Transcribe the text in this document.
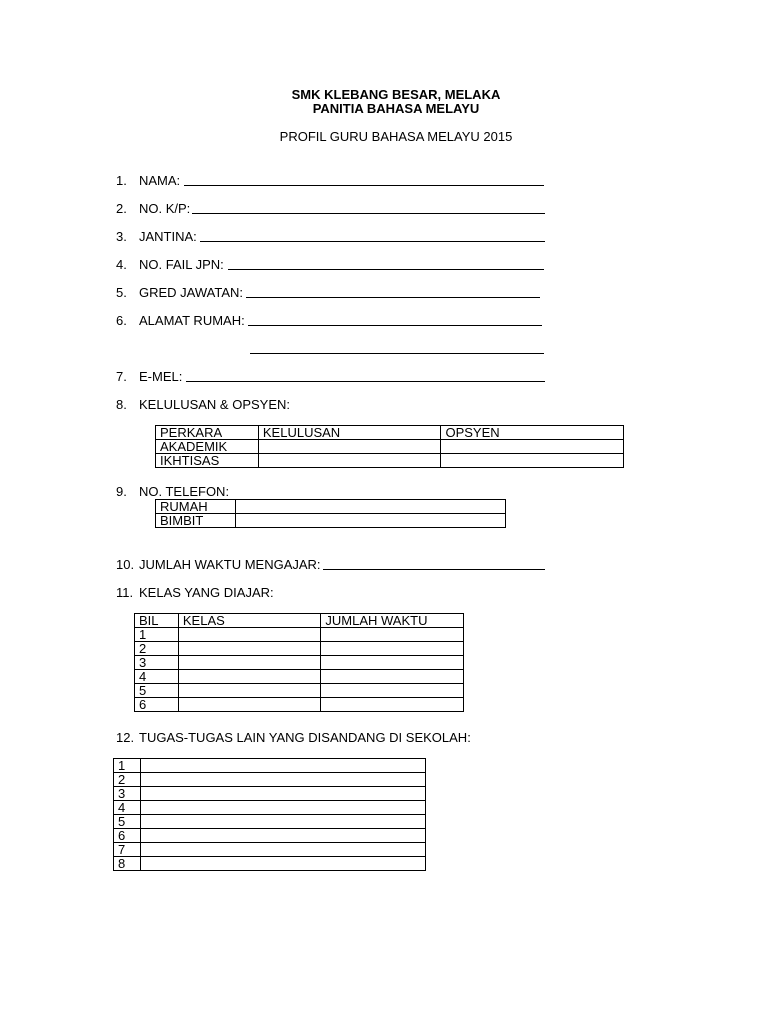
SMK KLEBANG BESAR, MELAKA
PANITIA BAHASA MELAYU
PROFIL GURU BAHASA MELAYU 2015
1. NAMA:
2. NO. K/P:
3. JANTINA:
4. NO. FAIL JPN:
5. GRED JAWATAN:
6. ALAMAT RUMAH:
7. E-MEL:
8. KELULUSAN & OPSYEN:
PERKARA	KELULUSAN	OPSYEN
AKADEMIK		
IKHTISAS		
9. NO. TELEFON:
RUMAH	
BIMBIT	
10. JUMLAH WAKTU MENGAJAR:
11. KELAS YANG DIAJAR:
BIL	KELAS	JUMLAH WAKTU
1		
2		
3		
4		
5		
6		
12. TUGAS-TUGAS LAIN YANG DISANDANG DI SEKOLAH:
1	
2	
3	
4	
5	
6	
7	
8	
